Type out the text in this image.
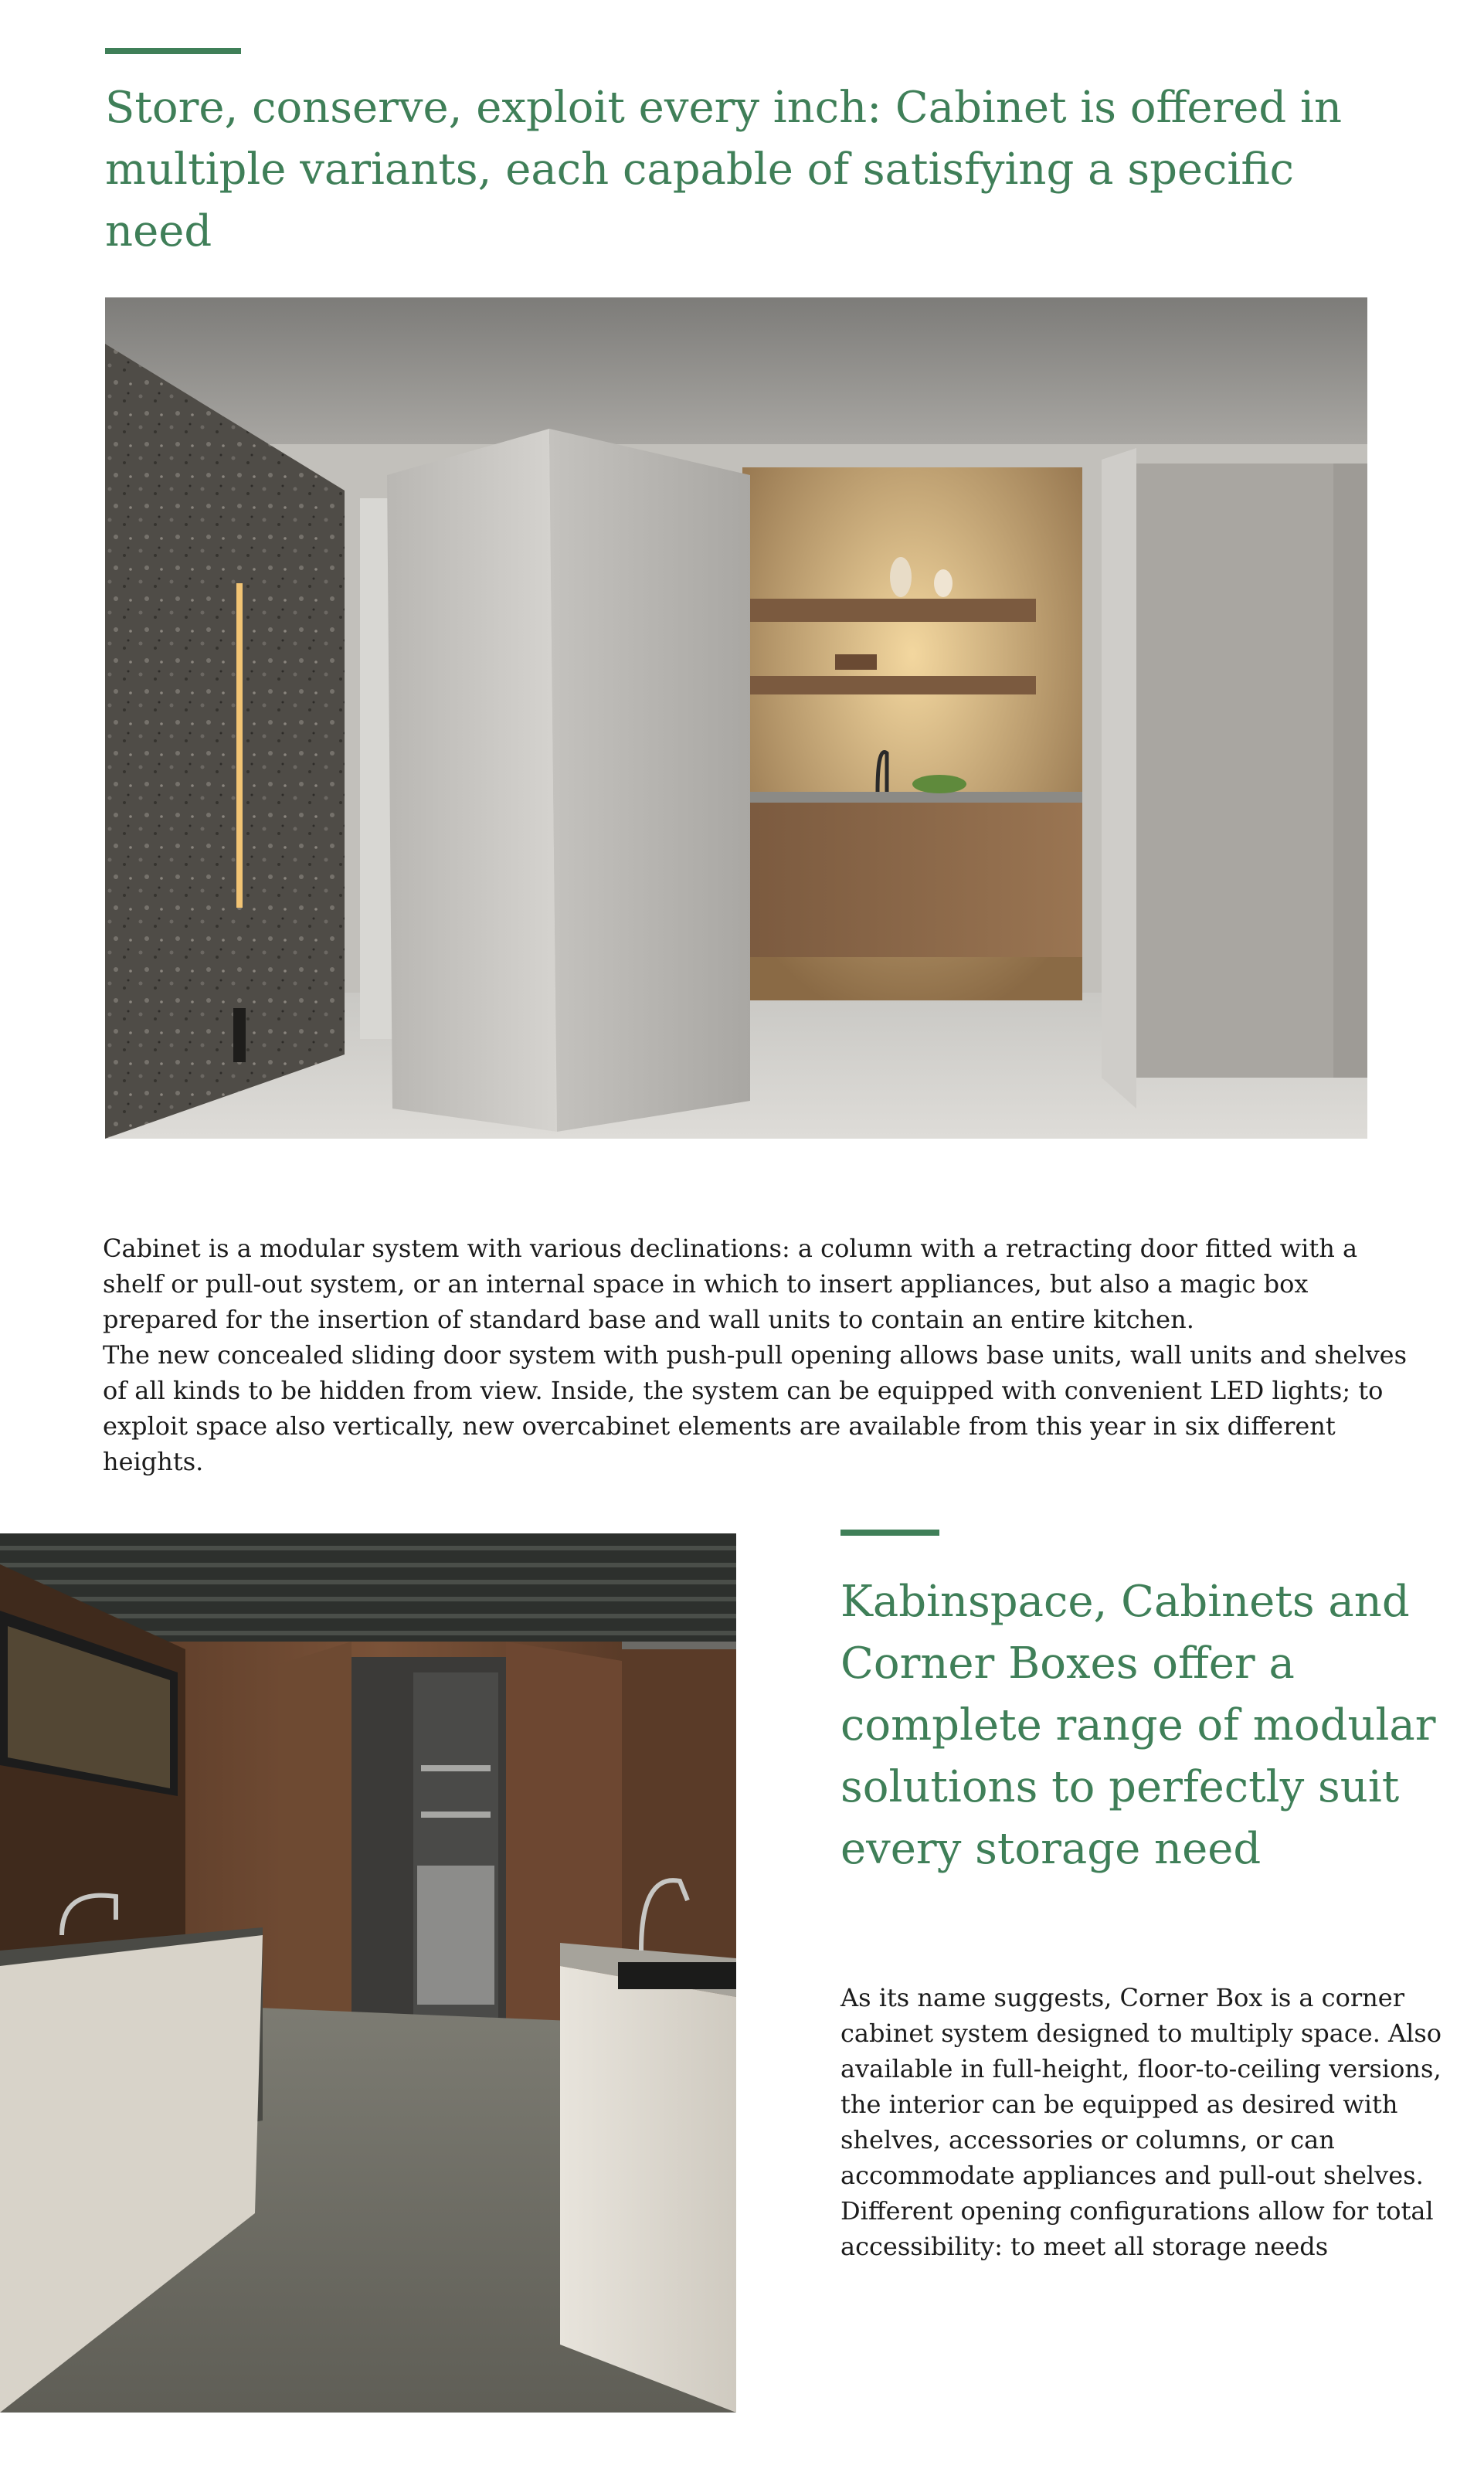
Store, conserve, exploit every inch: Cabinet is offered in multiple variants, each capable of satisfying a specific need

Cabinet is a modular system with various declinations: a column with a retracting door fitted with a shelf or pull-out system, or an internal space in which to insert appliances, but also a magic box prepared for the insertion of standard base and wall units to contain an entire kitchen.

The new concealed sliding door system with push-pull opening allows base units, wall units and shelves of all kinds to be hidden from view. Inside, the system can be equipped with convenient LED lights; to exploit space also vertically, new overcabinet elements are available from this year in six different heights.

Kabinspace, Cabinets and Corner Boxes offer a complete range of modular solutions to perfectly suit every storage need

As its name suggests, Corner Box is a corner cabinet system designed to multiply space. Also available in full-height, floor-to-ceiling versions, the interior can be equipped as desired with shelves, accessories or columns, or can accommodate appliances and pull-out shelves. Different opening configurations allow for total accessibility: to meet all storage needs
